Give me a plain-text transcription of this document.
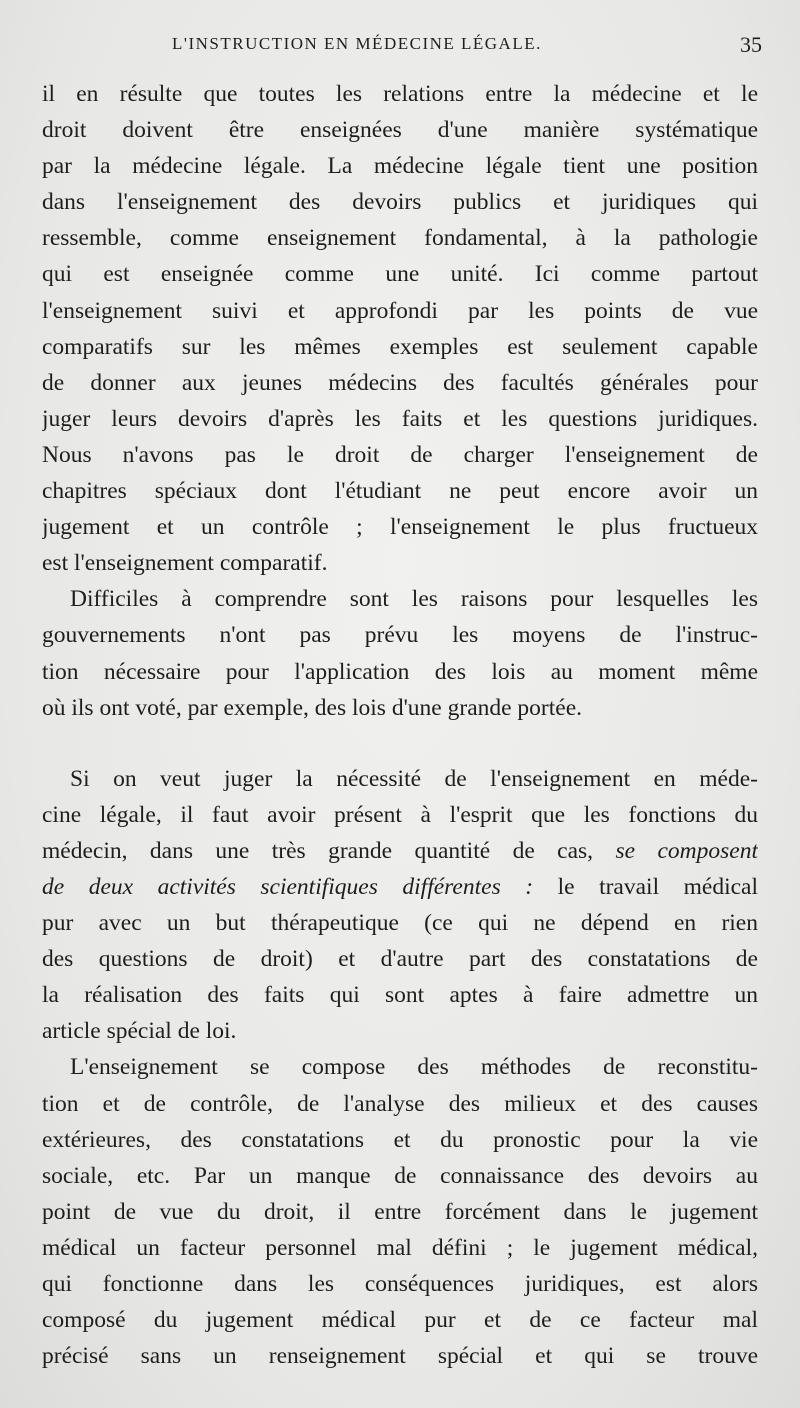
L'INSTRUCTION EN MÉDECINE LÉGALE.	35
il en résulte que toutes les relations entre la médecine et le
droit doivent être enseignées d'une manière systématique
par la médecine légale. La médecine légale tient une position
dans l'enseignement des devoirs publics et juridiques qui
ressemble, comme enseignement fondamental, à la pathologie
qui est enseignée comme une unité. Ici comme partout
l'enseignement suivi et approfondi par les points de vue
comparatifs sur les mêmes exemples est seulement capable
de donner aux jeunes médecins des facultés générales pour
juger leurs devoirs d'après les faits et les questions juridiques.
Nous n'avons pas le droit de charger l'enseignement de
chapitres spéciaux dont l'étudiant ne peut encore avoir un
jugement et un contrôle ; l'enseignement le plus fructueux
est l'enseignement comparatif.
Difficiles à comprendre sont les raisons pour lesquelles les
gouvernements n'ont pas prévu les moyens de l'instruc-
tion nécessaire pour l'application des lois au moment même
où ils ont voté, par exemple, des lois d'une grande portée.
Si on veut juger la nécessité de l'enseignement en méde-
cine légale, il faut avoir présent à l'esprit que les fonctions du
médecin, dans une très grande quantité de cas, se composent
de deux activités scientifiques différentes : le travail médical
pur avec un but thérapeutique (ce qui ne dépend en rien
des questions de droit) et d'autre part des constatations de
la réalisation des faits qui sont aptes à faire admettre un
article spécial de loi.
L'enseignement se compose des méthodes de reconstitu-
tion et de contrôle, de l'analyse des milieux et des causes
extérieures, des constatations et du pronostic pour la vie
sociale, etc. Par un manque de connaissance des devoirs au
point de vue du droit, il entre forcément dans le jugement
médical un facteur personnel mal défini ; le jugement médical,
qui fonctionne dans les conséquences juridiques, est alors
composé du jugement médical pur et de ce facteur mal
précisé sans un renseignement spécial et qui se trouve
